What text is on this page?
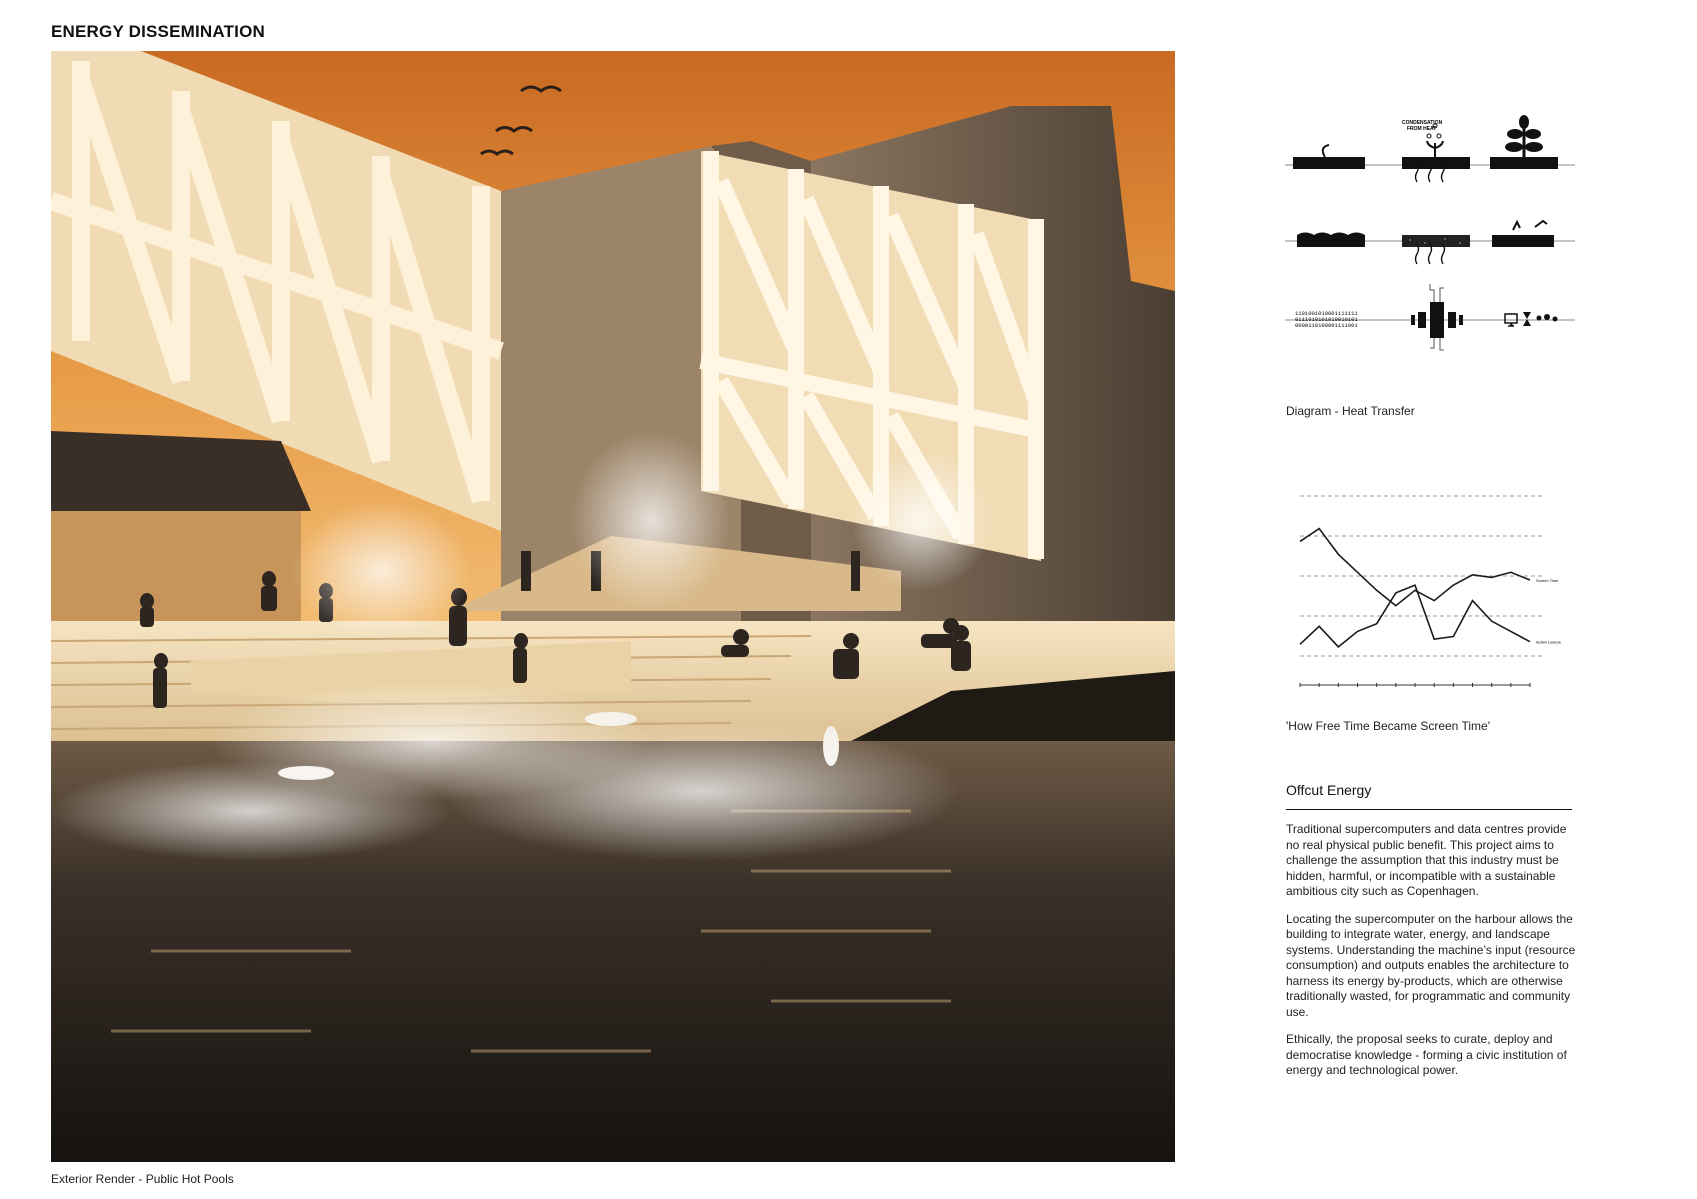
ENERGY DISSEMINATION
Exterior Render - Public Hot Pools
CONDENSATION
FROM HEAT
1101001010001111111
0111010101010010101
0000110100001111001
Diagram - Heat Transfer
Screen Time
Active Leisure
'How Free Time Became Screen Time'
Offcut Energy

Traditional supercomputers and data centres provide no real physical public benefit. This project aims to challenge the assumption that this industry must be hidden, harmful, or incompatible with a sustainable ambitious city such as Copenhagen.

Locating the supercomputer on the harbour allows the building to integrate water, energy, and landscape systems. Understanding the machine’s input (resource consumption) and outputs enables the architecture to harness its energy by-products, which are otherwise traditionally wasted, for programmatic and community use.

Ethically, the proposal seeks to curate, deploy and democratise knowledge - forming a civic institution of energy and technological power.
